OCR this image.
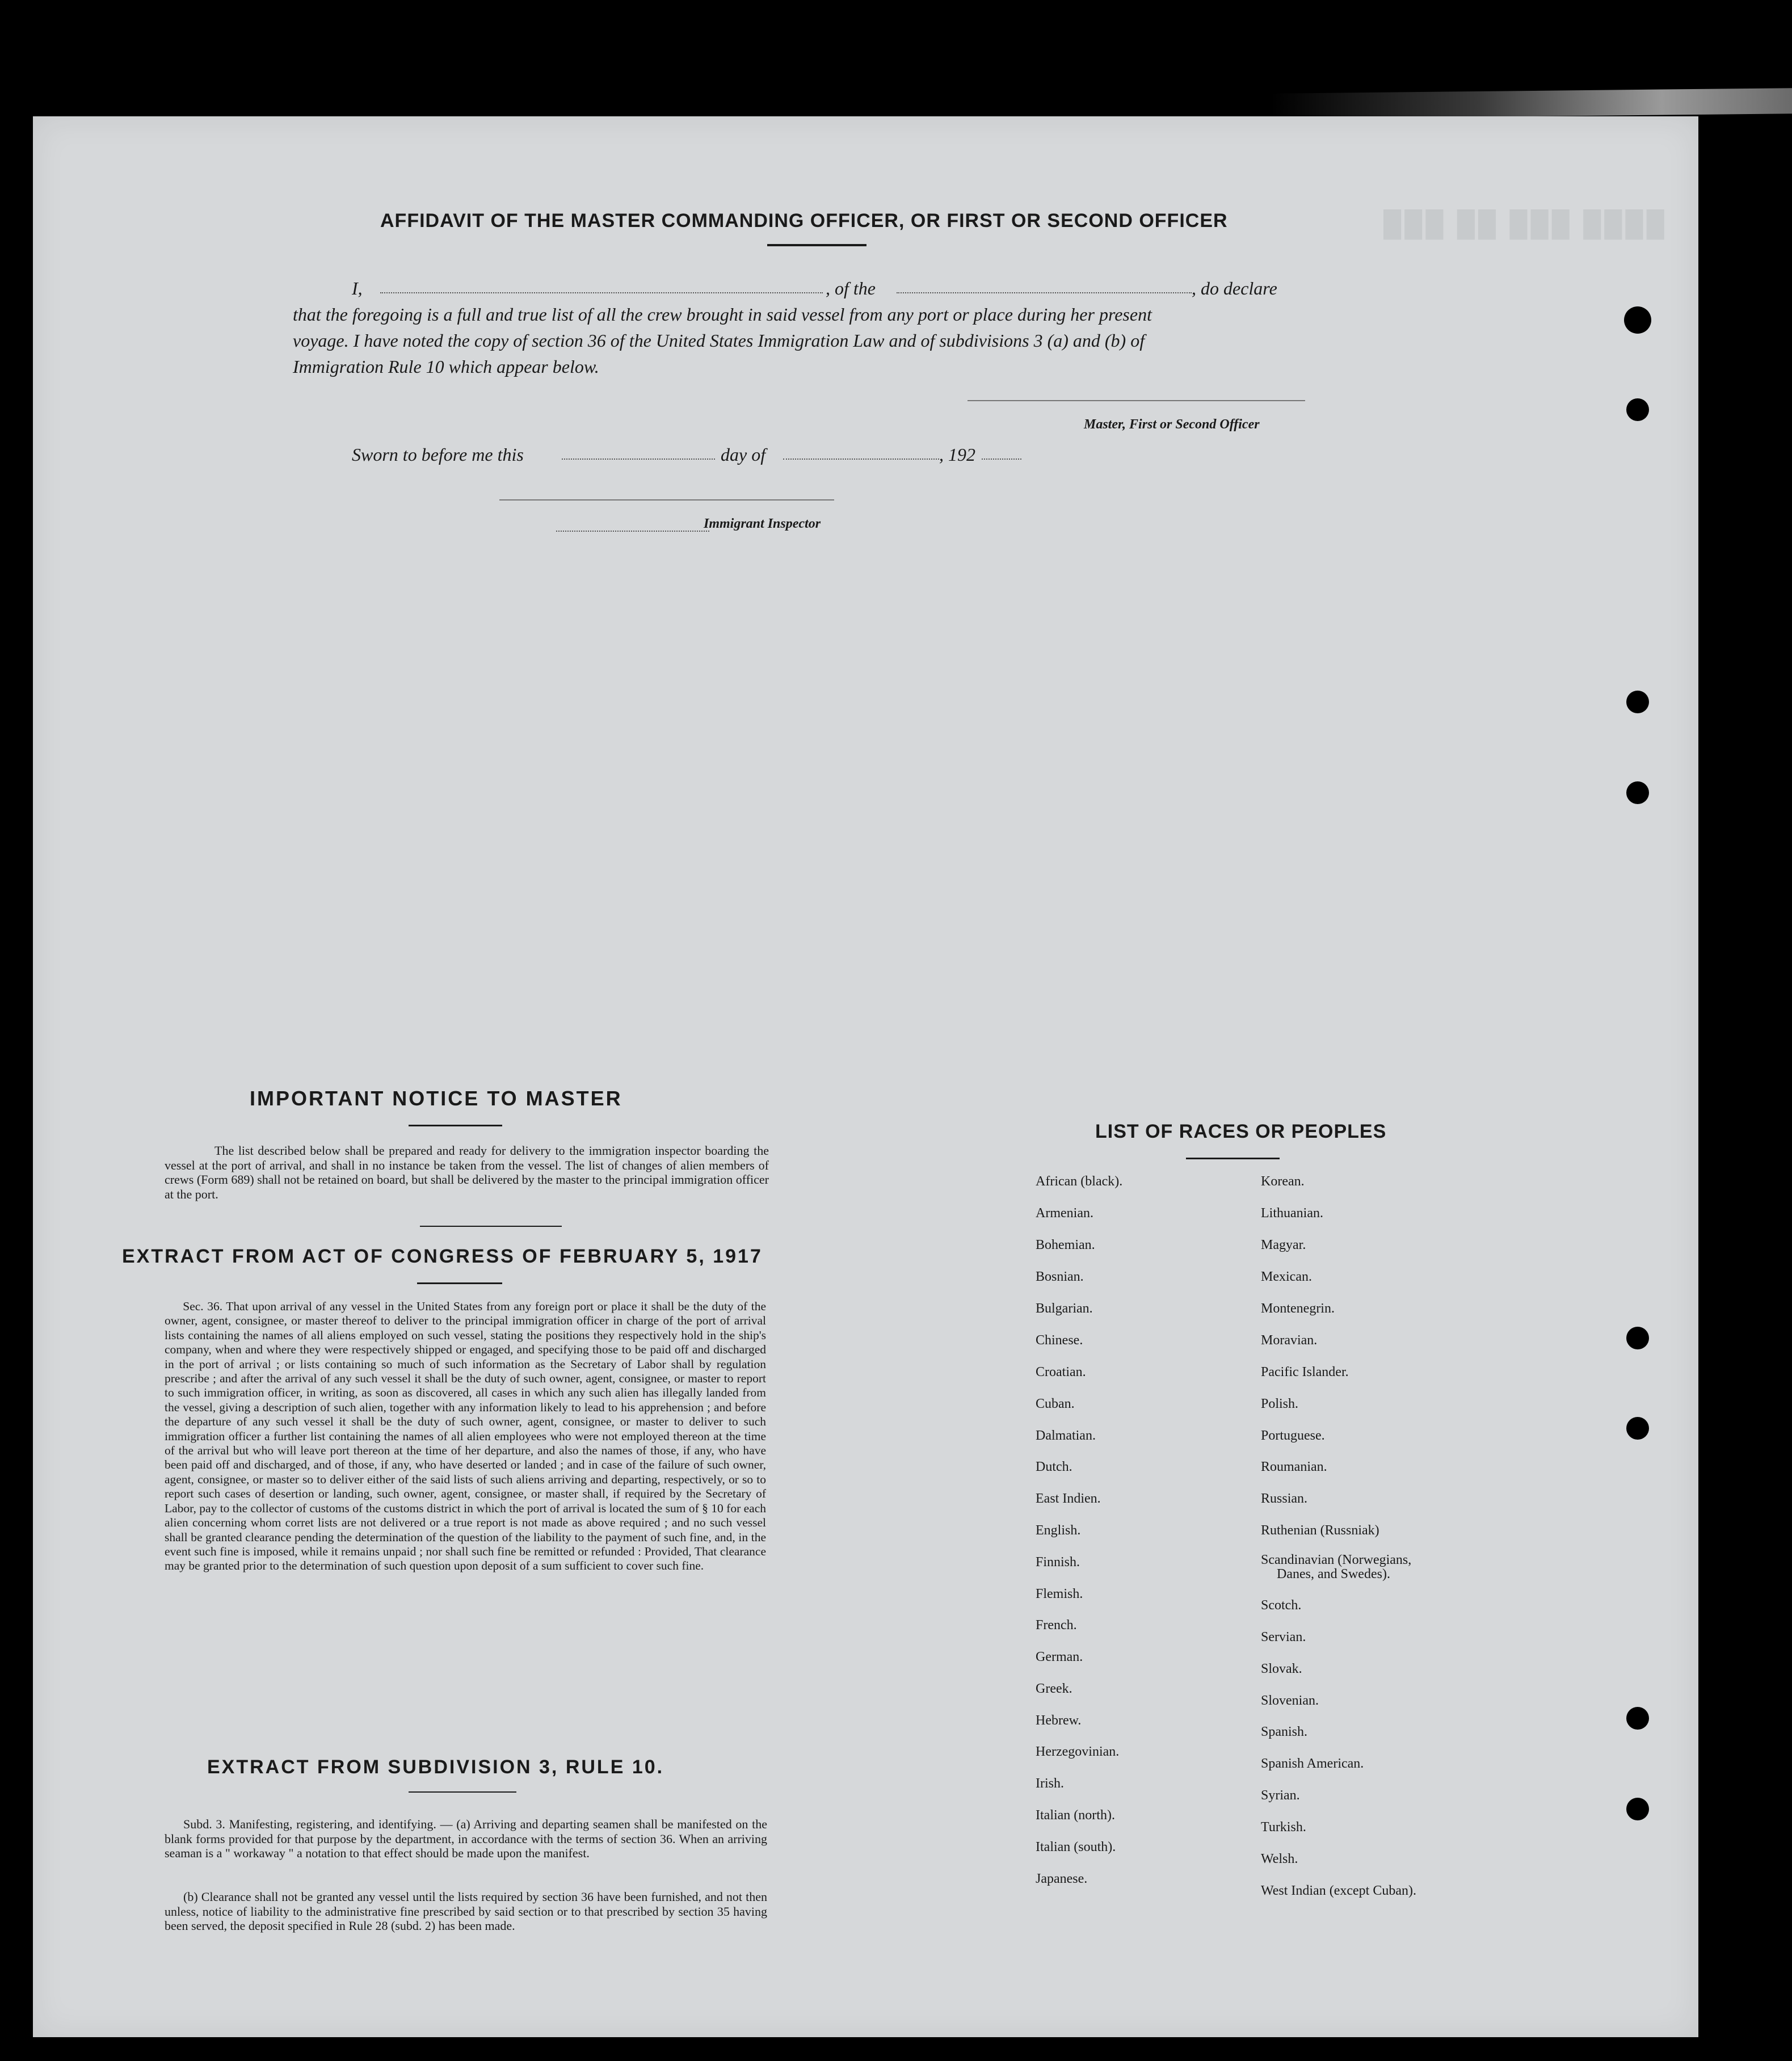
███ ██ ███ ████
AFFIDAVIT OF THE MASTER COMMANDING OFFICER, OR FIRST OR SECOND OFFICER
I,	, of the	, do declare
that the foregoing is a full and true list of all the crew brought in said vessel from any port or place during her present
voyage. I have noted the copy of section 36 of the United States Immigration Law and of subdivisions 3 (a) and (b) of
Immigration Rule 10 which appear below.
Master, First or Second Officer
Sworn to before me this	day of	, 192
Immigrant Inspector
IMPORTANT NOTICE TO MASTER
The list described below shall be prepared and ready for delivery to the immigration inspector boarding the vessel at the port of arrival, and shall in no instance be taken from the vessel. The list of changes of alien members of crews (Form 689) shall not be retained on board, but shall be delivered by the master to the principal immigration officer at the port.
EXTRACT FROM ACT OF CONGRESS OF FEBRUARY 5, 1917
Sec. 36. That upon arrival of any vessel in the United States from any foreign port or place it shall be the duty of the owner, agent, consignee, or master thereof to deliver to the principal immigration officer in charge of the port of arrival lists containing the names of all aliens employed on such vessel, stating the positions they respectively hold in the ship's company, when and where they were respectively shipped or engaged, and specifying those to be paid off and discharged in the port of arrival ; or lists containing so much of such information as the Secretary of Labor shall by regulation prescribe ; and after the arrival of any such vessel it shall be the duty of such owner, agent, consignee, or master to report to such immigration officer, in writing, as soon as discovered, all cases in which any such alien has illegally landed from the vessel, giving a description of such alien, together with any information likely to lead to his apprehension ; and before the departure of any such vessel it shall be the duty of such owner, agent, consignee, or master to deliver to such immigration officer a further list containing the names of all alien employees who were not employed thereon at the time of the arrival but who will leave port thereon at the time of her departure, and also the names of those, if any, who have been paid off and discharged, and of those, if any, who have deserted or landed ; and in case of the failure of such owner, agent, consignee, or master so to deliver either of the said lists of such aliens arriving and departing, respectively, or so to report such cases of desertion or landing, such owner, agent, consignee, or master shall, if required by the Secretary of Labor, pay to the collector of customs of the customs district in which the port of arrival is located the sum of § 10 for each alien concerning whom corret lists are not delivered or a true report is not made as above required ; and no such vessel shall be granted clearance pending the determination of the question of the liability to the payment of such fine, and, in the event such fine is imposed, while it remains unpaid ; nor shall such fine be remitted or refunded : Provided, That clearance may be granted prior to the determination of such question upon deposit of a sum sufficient to cover such fine.
EXTRACT FROM SUBDIVISION 3, RULE 10.
Subd. 3. Manifesting, registering, and identifying. — (a) Arriving and departing seamen shall be manifested on the blank forms provided for that purpose by the department, in accordance with the terms of section 36. When an arriving seaman is a " workaway " a notation to that effect should be made upon the manifest.
(b) Clearance shall not be granted any vessel until the lists required by section 36 have been furnished, and not then unless, notice of liability to the administrative fine prescribed by said section or to that prescribed by section 35 having been served, the deposit specified in Rule 28 (subd. 2) has been made.
LIST OF RACES OR PEOPLES
African (black).
Armenian.
Bohemian.
Bosnian.
Bulgarian.
Chinese.
Croatian.
Cuban.
Dalmatian.
Dutch.
East Indien.
English.
Finnish.
Flemish.
French.
German.
Greek.
Hebrew.
Herzegovinian.
Irish.
Italian (north).
Italian (south).
Japanese.
Korean.
Lithuanian.
Magyar.
Mexican.
Montenegrin.
Moravian.
Pacific Islander.
Polish.
Portuguese.
Roumanian.
Russian.
Ruthenian (Russniak)
Scandinavian (Norwegians,
Danes, and Swedes).
Scotch.
Servian.
Slovak.
Slovenian.
Spanish.
Spanish American.
Syrian.
Turkish.
Welsh.
West Indian (except Cuban).
